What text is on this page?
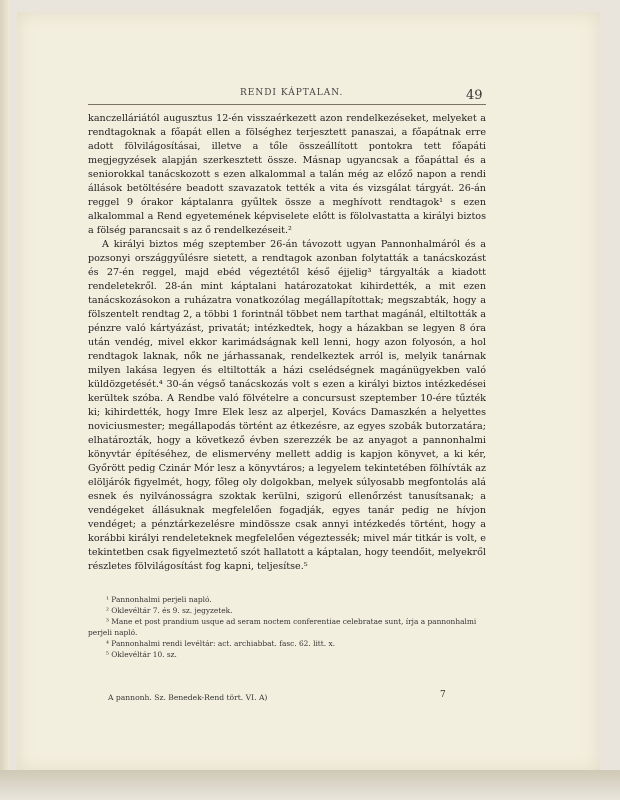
RENDI KÁPTALAN.	49

kanczelláriától augusztus 12-én visszaérkezett azon rendelkezéseket, melyeket a rendtagoknak a főapát ellen a fölséghez terjesztett panaszai, a főapátnak erre adott fölvilágosításai, illetve a tőle összeállított pontokra tett főapáti megjegyzések alapján szerkesztett össze. Másnap ugyancsak a főapáttal és a seniorokkal tanácskozott s ezen alkalommal a talán még az előző napon a rendi állások betöltésére beadott szavazatok tették a vita és vizsgálat tárgyát. 26-án reggel 9 órakor káptalanra gyűltek össze a meghívott rendtagok¹ s ezen alkalommal a Rend egyetemének képviselete előtt is fölolvastatta a királyi biztos a fölség parancsait s az ő rendelkezéseit.²

A királyi biztos még szeptember 26-án távozott ugyan Pannonhalmáról és a pozsonyi országgyűlésre sietett, a rendtagok azonban folytatták a tanácskozást és 27-én reggel, majd ebéd végeztétől késő éjjelig³ tárgyalták a kiadott rendeletekről. 28-án mint káptalani határozatokat kihirdették, a mit ezen tanácskozásokon a ruházatra vonatkozólag megállapítottak; megszabták, hogy a fölszentelt rendtag 2, a többi 1 forintnál többet nem tarthat magánál, eltiltották a pénzre való kártyázást, privatát; intézkedtek, hogy a házakban se legyen 8 óra után vendég, mivel ekkor karimádságnak kell lenni, hogy azon folyosón, a hol rendtagok laknak, nők ne járhassanak, rendelkeztek arról is, melyik tanárnak milyen lakása legyen és eltiltották a házi cselédségnek magánügyekben való küldözgetését.⁴ 30-án végső tanácskozás volt s ezen a királyi biztos intézkedései kerültek szóba. A Rendbe való fölvételre a concursust szeptember 10-ére tűzték ki; kihirdették, hogy Imre Elek lesz az alperjel, Kovács Damaszkén a helyettes noviciusmester; megállapodás történt az étkezésre, az egyes szobák butorzatára; elhatározták, hogy a következő évben szerezzék be az anyagot a pannonhalmi könyvtár építéséhez, de elismervény mellett addig is kapjon könyvet, a ki kér, Győrött pedig Czinár Mór lesz a könyvtáros; a legyelem tekintetében fölhívták az elöljárók figyelmét, hogy, főleg oly dolgokban, melyek súlyosabb megfontolás alá esnek és nyilvánosságra szoktak kerülni, szigorú ellenőrzést tanusítsanak; a vendégeket állásuknak megfelelően fogadják, egyes tanár pedig ne hívjon vendéget; a pénztárkezelésre mindössze csak annyi intézkedés történt, hogy a korábbi királyi rendeleteknek megfelelően végeztessék; mivel már titkár is volt, e tekintetben csak figyelmeztető szót hallatott a káptalan, hogy teendőit, melyekről részletes fölvilágosítást fog kapni, teljesítse.⁵

¹ Pannonhalmi perjeli napló.
² Oklevéltár 7. és 9. sz. jegyzetek.
³ Mane et post prandium usque ad seram noctem conferentiae celebratae sunt, írja a pannonhalmi perjeli napló.
⁴ Pannonhalmi rendi levéltár: act. archiabbat. fasc. 62. litt. x.
⁵ Oklevéltár 10. sz.
A pannonh. Sz. Benedek-Rend tört. VI. A)	7
